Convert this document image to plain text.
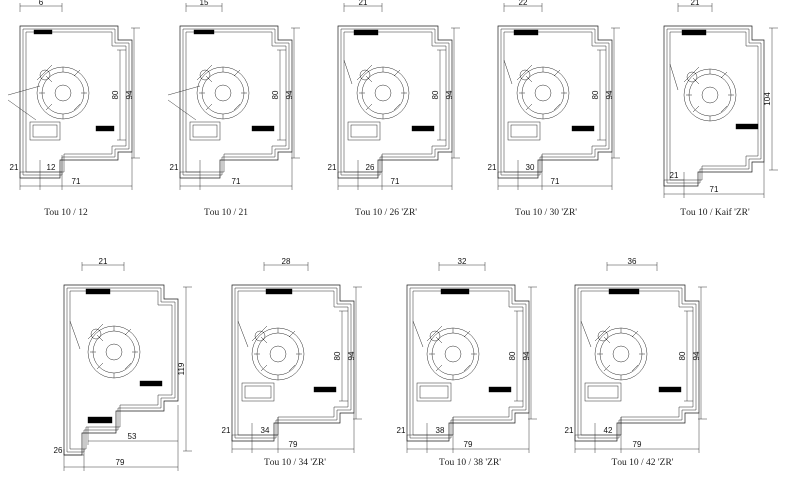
6
80 94
21	12
71
Tou 10 / 12
15
80 94
21
71
Tоu 10 / 21
21
80 94
21	26
71
Tоu 10 / 26 'ZR'
22
80 94
21	30
71
Tоu 10 / 30 'ZR'
21
104
21
71
Tоu 10 / Kaif 'ZR'
21
119
53
26
79
28
80 94
21	34
79
Tоu 10 / 34 'ZR'
32
80 94
21	38
79
Tоu 10 / 38 'ZR'
36
80 94
21	42
79
Tоu 10 / 42 'ZR'
